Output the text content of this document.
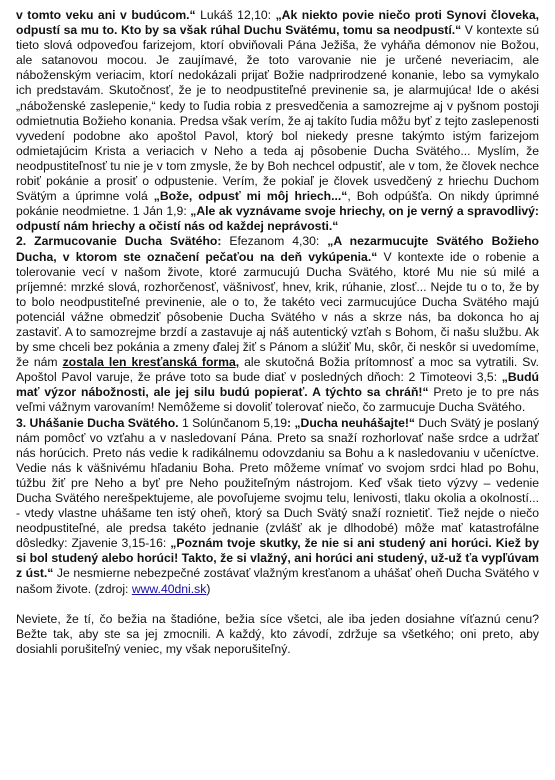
v tomto veku ani v budúcom.“ Lukáš 12,10: „Ak niekto povie niečo proti Synovi človeka, odpustí sa mu to. Kto by sa však rúhal Duchu Svätému, tomu sa neodpustí.“ V kontexte sú tieto slová odpoveďou farizejom, ktorí obviňovali Pána Ježiša, že vyháňa démonov nie Božou, ale satanovou mocou. Je zaujímavé, že toto varovanie nie je určené neveriacim, ale náboženským veriacim, ktorí nedokázali prijať Božie nadprirodzené konanie, lebo sa vymykalo ich predstavám. Skutočnosť, že je to neodpustiteľné previnenie sa, je alarmujúca! Ide o akési „náboženské zaslepenie,“ kedy to ľudia robia z presvedčenia a samozrejme aj v pyšnom postoji odmietnutia Božieho konania. Predsa však verím, že aj takíto ľudia môžu byť z tejto zaslepenosti vyvedení podobne ako apoštol Pavol, ktorý bol niekedy presne takýmto istým farizejom odmietajúcim Krista a veriacich v Neho a teda aj pôsobenie Ducha Svätého... Myslím, že neodpustiteľnosť tu nie je v tom zmysle, že by Boh nechcel odpustiť, ale v tom, že človek nechce robiť pokánie a prosiť o odpustenie. Verím, že pokiaľ je človek usvedčený z hriechu Duchom Svätým a úprimne volá „Bože, odpusť mi môj hriech...“, Boh odpúšťa. On nikdy úprimné pokánie neodmietne. 1 Ján 1,9: „Ale ak vyznávame svoje hriechy, on je verný a spravodlivý: odpustí nám hriechy a očistí nás od každej neprávosti.“

2. Zarmucovanie Ducha Svätého: Efezanom 4,30: „A nezarmucujte Svätého Božieho Ducha, v ktorom ste označení pečaťou na deň vykúpenia.“ V kontexte ide o robenie a tolerovanie vecí v našom živote, ktoré zarmucujú Ducha Svätého, ktoré Mu nie sú milé a príjemné: mrzké slová, rozhorčenosť, väšnivosť, hnev, krik, rúhanie, zlosť... Nejde tu o to, že by to bolo neodpustiteľné previnenie, ale o to, že takéto veci zarmucujúce Ducha Svätého majú potenciál vážne obmedziť pôsobenie Ducha Svätého v nás a skrze nás, ba dokonca ho aj zastaviť. A to samozrejme brzdí a zastavuje aj náš autentický vzťah s Bohom, či našu službu. Ak by sme chceli bez pokánia a zmeny ďalej žiť s Pánom a slúžiť Mu, skôr, či neskôr si uvedomíme, že nám zostala len kresťanská forma, ale skutočná Božia prítomnosť a moc sa vytratili. Sv. Apoštol Pavol varuje, že práve toto sa bude diať v posledných dňoch: 2 Timoteovi 3,5: „Budú mať výzor nábožnosti, ale jej silu budú popierať. A týchto sa chráň!“ Preto je to pre nás veľmi vážnym varovaním! Nemôžeme si dovoliť tolerovať niečo, čo zarmucuje Ducha Svätého.

3. Uhášanie Ducha Svätého. 1 Solúnčanom 5,19: „Ducha neuhášajte!“ Duch Svätý je poslaný nám pomôcť vo vzťahu a v nasledovaní Pána. Preto sa snaží rozhorlovať naše srdce a udržať nás horúcich. Preto nás vedie k radikálnemu odovzdaniu sa Bohu a k nasledovaniu v učeníctve. Vedie nás k väšnivému hľadaniu Boha. Preto môžeme vnímať vo svojom srdci hlad po Bohu, túžbu žiť pre Neho a byť pre Neho použiteľným nástrojom. Keď však tieto výzvy – vedenie Ducha Svätého nerešpektujeme, ale povoľujeme svojmu telu, lenivosti, tlaku okolia a okolností... - vtedy vlastne uhášame ten istý oheň, ktorý sa Duch Svätý snaží roznietiť. Tiež nejde o niečo neodpustiteľné, ale predsa takéto jednanie (zvlášť ak je dlhodobé) môže mať katastrofálne dôsledky: Zjavenie 3,15-16: „Poznám tvoje skutky, že nie si ani studený ani horúci. Kiež by si bol studený alebo horúci! Takto, že si vlažný, ani horúci ani studený, už-už ťa vypľúvam z úst.“ Je nesmierne nebezpečné zostávať vlažným kresťanom a uhášať oheň Ducha Svätého v našom živote. (zdroj: www.40dni.sk)

Neviete, že tí, čo bežia na štadióne, bežia síce všetci, ale iba jeden dosiahne víťaznú cenu? Bežte tak, aby ste sa jej zmocnili. A každý, kto závodí, zdržuje sa všetkého; oni preto, aby dosiahli porušiteľný veniec, my však neporušiteľný.
